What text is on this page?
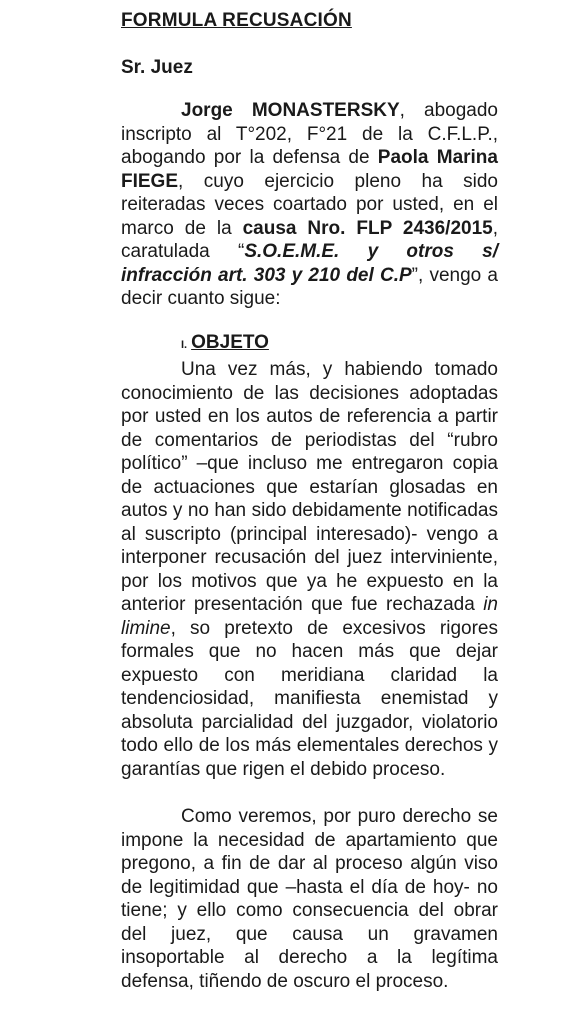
FORMULA RECUSACIÓN

Sr. Juez

Jorge MONASTERSKY, abogado inscripto al T°202, F°21 de la C.F.L.P., abogando por la defensa de Paola Marina FIEGE, cuyo ejercicio pleno ha sido reiteradas veces coartado por usted, en el marco de la causa Nro. FLP 2436/2015, caratulada “S.O.E.M.E. y otros s/ infracción art. 303 y 210 del C.P”, vengo a decir cuanto sigue:

I. OBJETO

Una vez más, y habiendo tomado conocimiento de las decisiones adoptadas por usted en los autos de referencia a partir de comentarios de periodistas del “rubro político” –que incluso me entregaron copia de actuaciones que estarían glosadas en autos y no han sido debidamente notificadas al suscripto (principal interesado)- vengo a interponer recusación del juez interviniente, por los motivos que ya he expuesto en la anterior presentación que fue rechazada in limine, so pretexto de excesivos rigores formales que no hacen más que dejar expuesto con meridiana claridad la tendenciosidad, manifiesta enemistad y absoluta parcialidad del juzgador, violatorio todo ello de los más elementales derechos y garantías que rigen el debido proceso.

Como veremos, por puro derecho se impone la necesidad de apartamiento que pregono, a fin de dar al proceso algún viso de legitimidad que –hasta el día de hoy- no tiene; y ello como consecuencia del obrar del juez, que causa un gravamen insoportable al derecho a la legítima defensa, tiñendo de oscuro el proceso.
